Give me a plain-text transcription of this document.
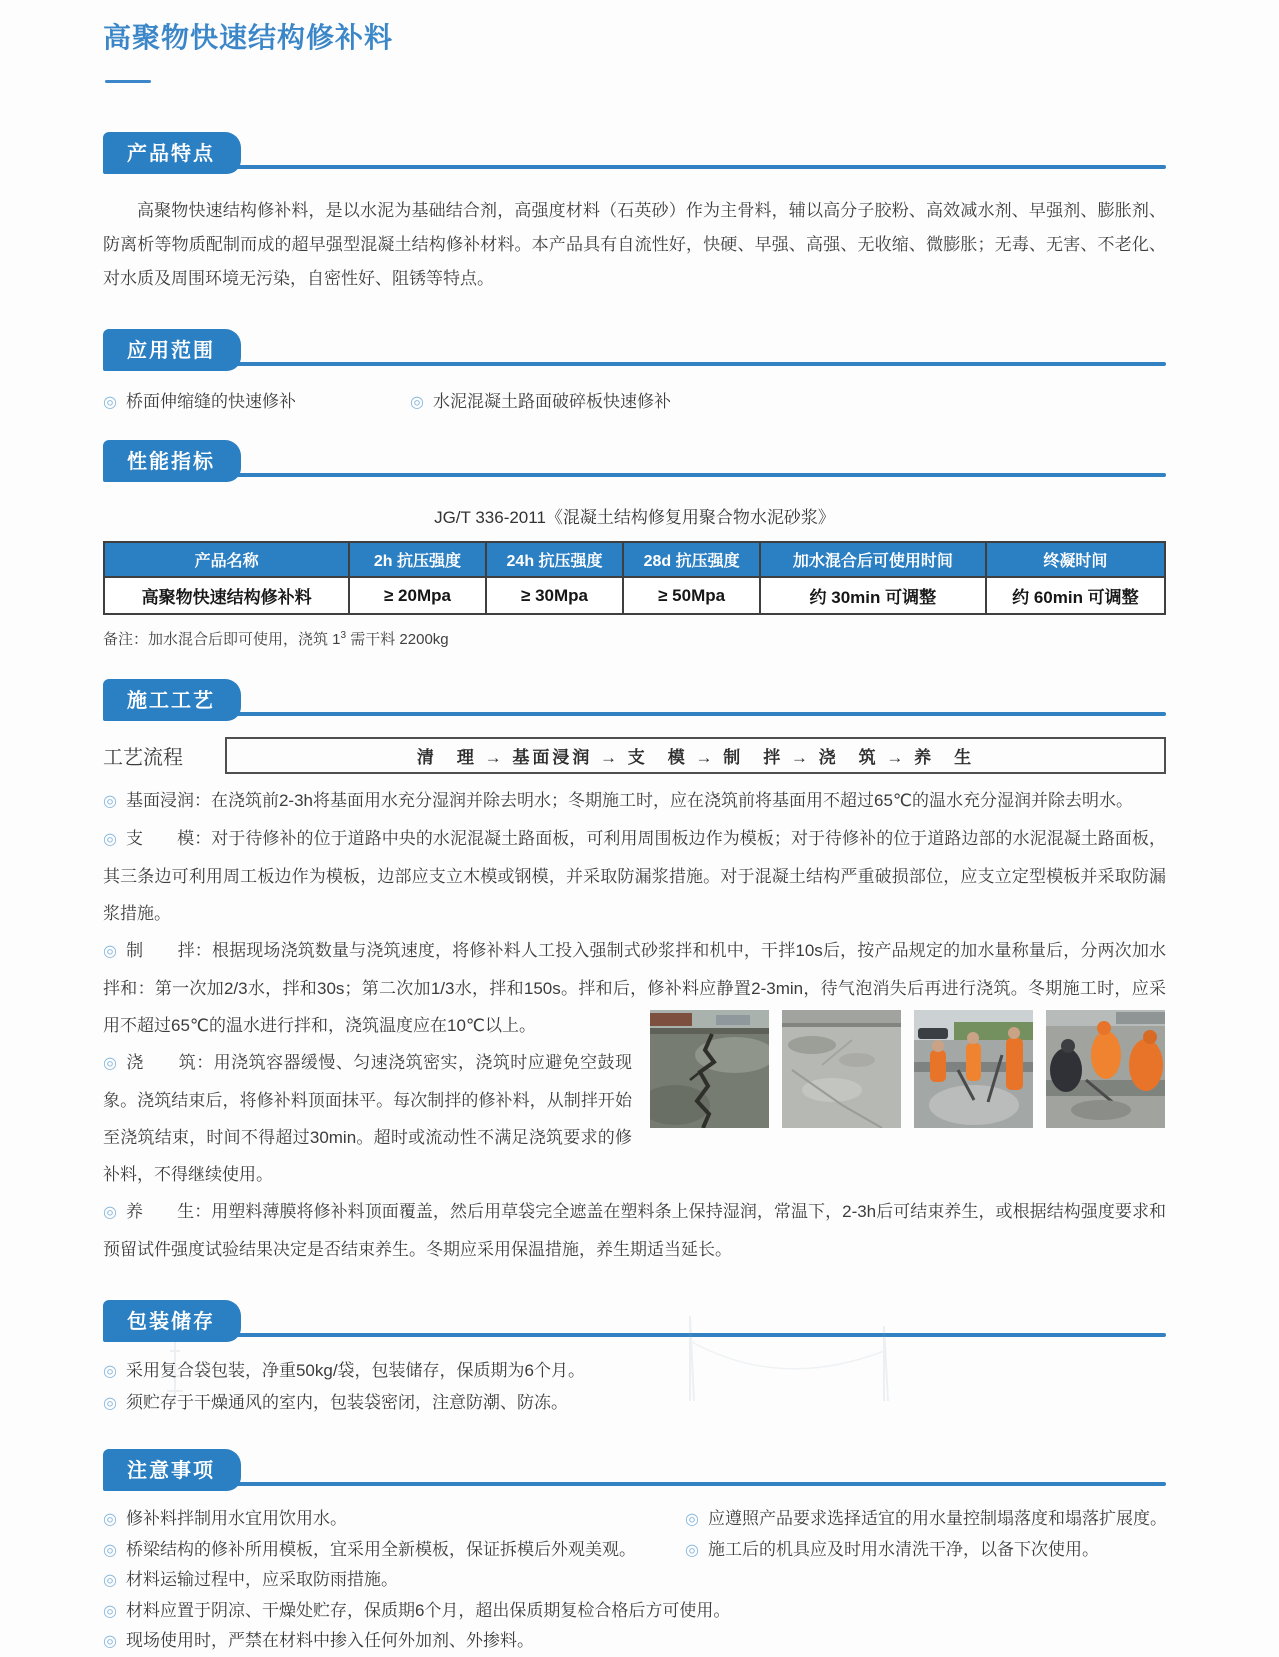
高聚物快速结构修补料
产品特点

高聚物快速结构修补料，是以水泥为基础结合剂，高强度材料（石英砂）作为主骨料，辅以高分子胶粉、高效减水剂、早强剂、膨胀剂、防离析等物质配制而成的超早强型混凝土结构修补材料。本产品具有自流性好，快硬、早强、高强、无收缩、微膨胀；无毒、无害、不老化、对水质及周围环境无污染，自密性好、阻锈等特点。

应用范围
◎ 桥面伸缩缝的快速修补	◎ 水泥混凝土路面破碎板快速修补
性能指标
JG/T 336-2011《混凝土结构修复用聚合物水泥砂浆》
产品名称	2h 抗压强度	24h 抗压强度	28d 抗压强度	加水混合后可使用时间	终凝时间
高聚物快速结构修补料	≥ 20Mpa	≥ 30Mpa	≥ 50Mpa	约 30min 可调整	约 60min 可调整

备注：加水混合后即可使用，浇筑 $1^3$ 需干料 2200kg

施工工艺
工艺流程	清　理 → 基面浸润 → 支　模 → 制　拌 → 浇　筑 → 养　生

◎ 基面浸润：在浇筑前2-3h将基面用水充分湿润并除去明水；冬期施工时，应在浇筑前将基面用不超过65℃的温水充分湿润并除去明水。

◎ 支　　模：对于待修补的位于道路中央的水泥混凝土路面板，可利用周围板边作为模板；对于待修补的位于道路边部的水泥混凝土路面板，其三条边可利用周工板边作为模板，边部应支立木模或钢模，并采取防漏浆措施。对于混凝土结构严重破损部位，应支立定型模板并采取防漏浆措施。

◎ 制　　拌：根据现场浇筑数量与浇筑速度，将修补料人工投入强制式砂浆拌和机中，干拌10s后，按产品规定的加水量称量后，分两次加水拌和：第一次加2/3水，拌和30s；第二次加1/3水，拌和150s。拌和后，修补料应静置2-3min，待气泡消失后再进行浇筑。冬期施工时，应采用不超过65℃的温水进行拌和，浇筑温度应在10℃以上。

◎ 浇　　筑：用浇筑容器缓慢、匀速浇筑密实，浇筑时应避免空鼓现象。浇筑结束后，将修补料顶面抹平。每次制拌的修补料，从制拌开始至浇筑结束，时间不得超过30min。超时或流动性不满足浇筑要求的修补料，不得继续使用。

◎ 养　　生：用塑料薄膜将修补料顶面覆盖，然后用草袋完全遮盖在塑料条上保持湿润，常温下，2-3h后可结束养生，或根据结构强度要求和预留试件强度试验结果决定是否结束养生。冬期应采用保温措施，养生期适当延长。

包装储存

◎ 采用复合袋包装，净重50kg/袋，包装储存，保质期为6个月。

◎ 须贮存于干燥通风的室内，包装袋密闭，注意防潮、防冻。

注意事项

◎ 修补料拌制用水宜用饮用水。

◎ 桥梁结构的修补所用模板，宜采用全新模板，保证拆模后外观美观。

◎ 材料运输过程中，应采取防雨措施。

◎ 材料应置于阴凉、干燥处贮存，保质期6个月，超出保质期复检合格后方可使用。

◎ 现场使用时，严禁在材料中掺入任何外加剂、外掺料。

◎ 应遵照产品要求选择适宜的用水量控制塌落度和塌落扩展度。

◎ 施工后的机具应及时用水清洗干净，以备下次使用。
